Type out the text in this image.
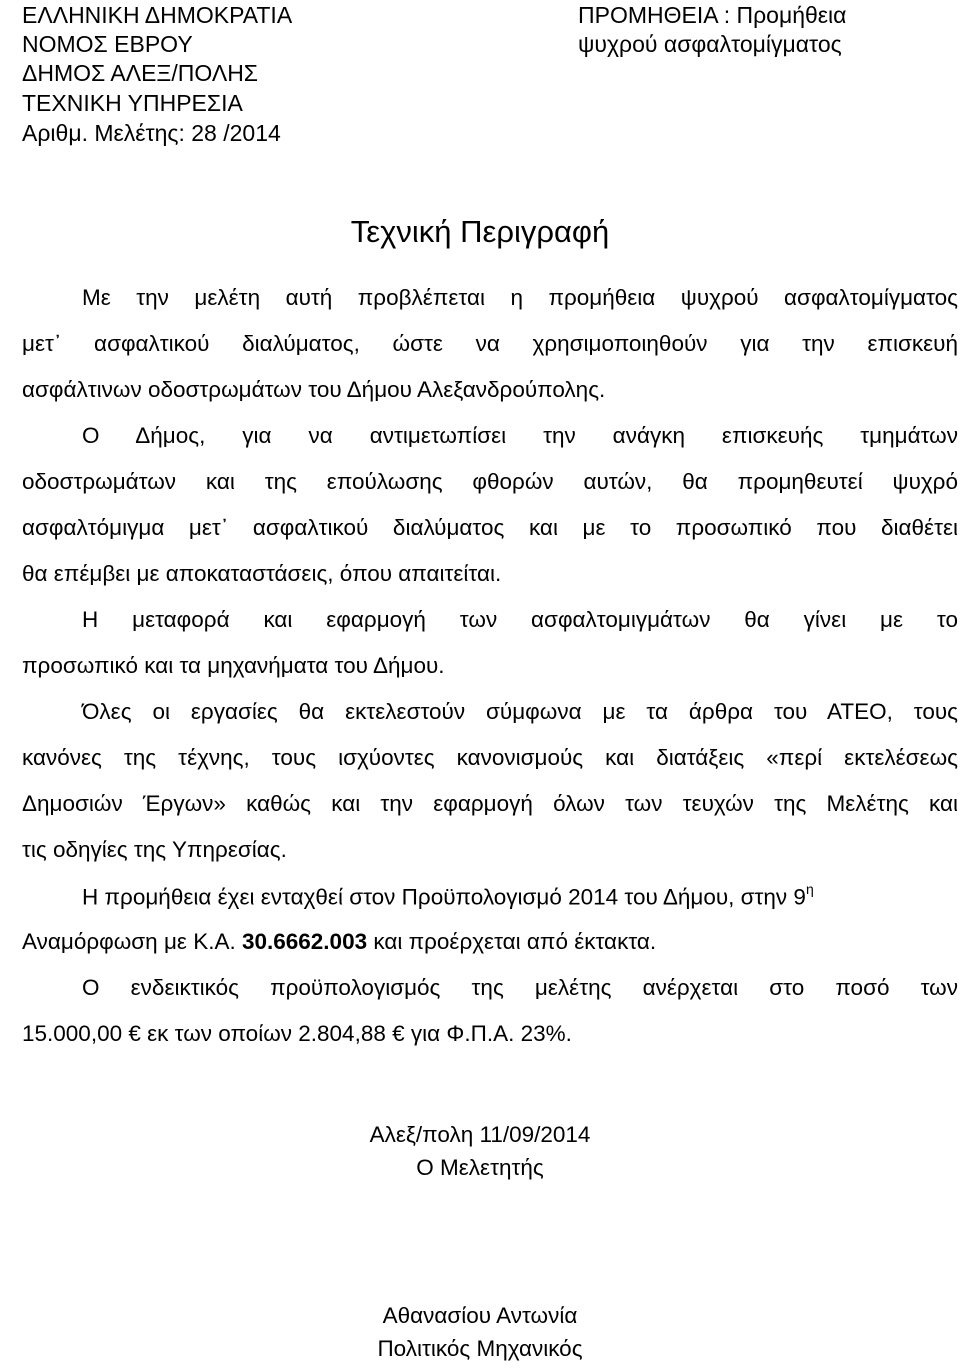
ΕΛΛΗΝΙΚΗ ΔΗΜΟΚΡΑΤΙΑ
ΝΟΜΟΣ ΕΒΡΟΥ
ΔΗΜΟΣ ΑΛΕΞ/ΠΟΛΗΣ
ΤΕΧΝΙΚΗ ΥΠΗΡΕΣΙΑ
Αριθμ. Μελέτης: 28 /2014
ΠΡΟΜΗΘΕΙΑ : Προμήθεια
ψυχρού ασφαλτομίγματος
Τεχνική Περιγραφή
Με την μελέτη αυτή προβλέπεται η προμήθεια ψυχρού ασφαλτομίγματος
μετ᾽ ασφαλτικού διαλύματος, ώστε να χρησιμοποιηθούν για την επισκευή
ασφάλτινων οδοστρωμάτων του Δήμου Αλεξανδρούπολης.
Ο Δήμος, για να αντιμετωπίσει την ανάγκη επισκευής τμημάτων
οδοστρωμάτων και της επούλωσης φθορών αυτών, θα προμηθευτεί ψυχρό
ασφαλτόμιγμα μετ᾽ ασφαλτικού διαλύματος και με το προσωπικό που διαθέτει
θα επέμβει με αποκαταστάσεις, όπου απαιτείται.
Η μεταφορά και εφαρμογή των ασφαλτομιγμάτων θα γίνει με το
προσωπικό και τα μηχανήματα του Δήμου.
Όλες οι εργασίες θα εκτελεστούν σύμφωνα με τα άρθρα του ΑΤΕΟ, τους
κανόνες της τέχνης, τους ισχύοντες κανονισμούς και διατάξεις «περί εκτελέσεως
Δημοσιών Έργων» καθώς και την εφαρμογή όλων των τευχών της Μελέτης και
τις οδηγίες της Υπηρεσίας.
Η προμήθεια έχει ενταχθεί στον Προϋπολογισμό 2014 του Δήμου, στην $9^\eta$
Αναμόρφωση με Κ.Α. 30.6662.003 και προέρχεται από έκτακτα.
Ο ενδεικτικός προϋπολογισμός της μελέτης ανέρχεται στο ποσό των
15.000,00 € εκ των οποίων 2.804,88 € για Φ.Π.Α. 23%.
Αλεξ/πολη 11/09/2014
Ο Μελετητής
Αθανασίου Αντωνία
Πολιτικός Μηχανικός
